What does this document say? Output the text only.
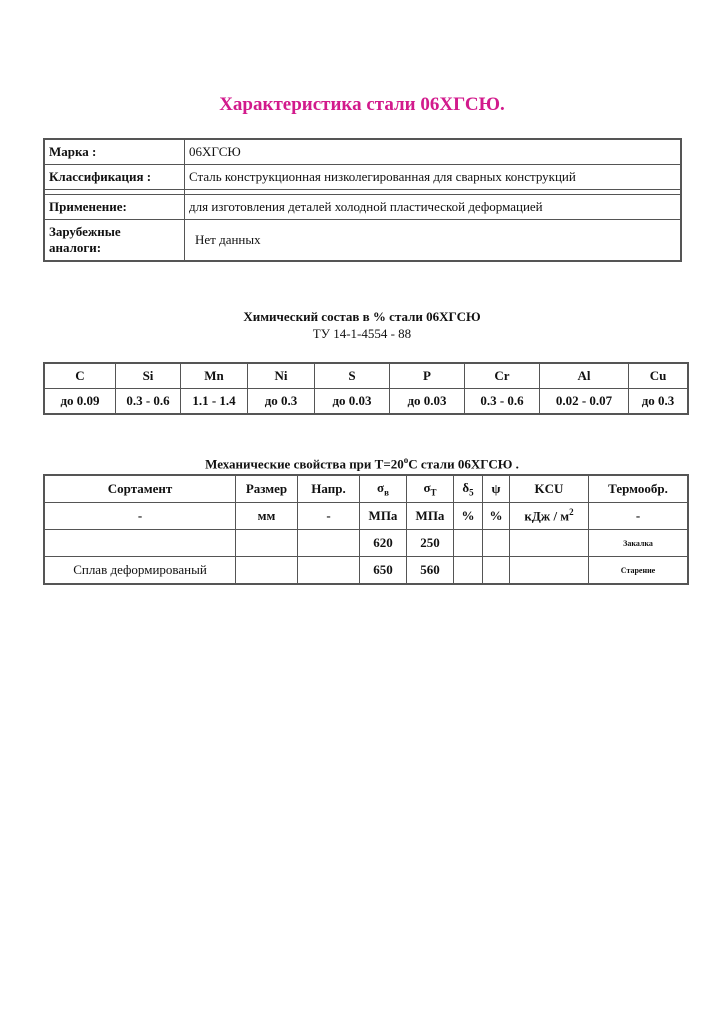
Характеристика стали 06ХГСЮ.
Марка :	06ХГСЮ
Классификация :	Сталь конструкционная низколегированная для сварных конструкций

Применение:	для изготовления деталей холодной пластической деформацией
Зарубежные
аналоги:	Нет данных
Химический состав в % стали 06ХГСЮ
ТУ 14-1-4554 - 88
C	Si	Mn	Ni	S	P	Cr	Al	Cu
до 0.09	0.3 - 0.6	1.1 - 1.4	до 0.3	до 0.03	до 0.03	0.3 - 0.6	0.02 - 0.07	до 0.3
Механические свойства при $Т=20^oС$ стали 06ХГСЮ .
Сортамент	Размер	Напр.	$\sigma_в$	$\sigma_T$	$\delta_5$	ψ	KCU	Термообр.
-	мм	-	МПа	МПа	%	%	кДж / $м^2$	-
			620	250				Закалка
Сплав деформированый			650	560				Старение
